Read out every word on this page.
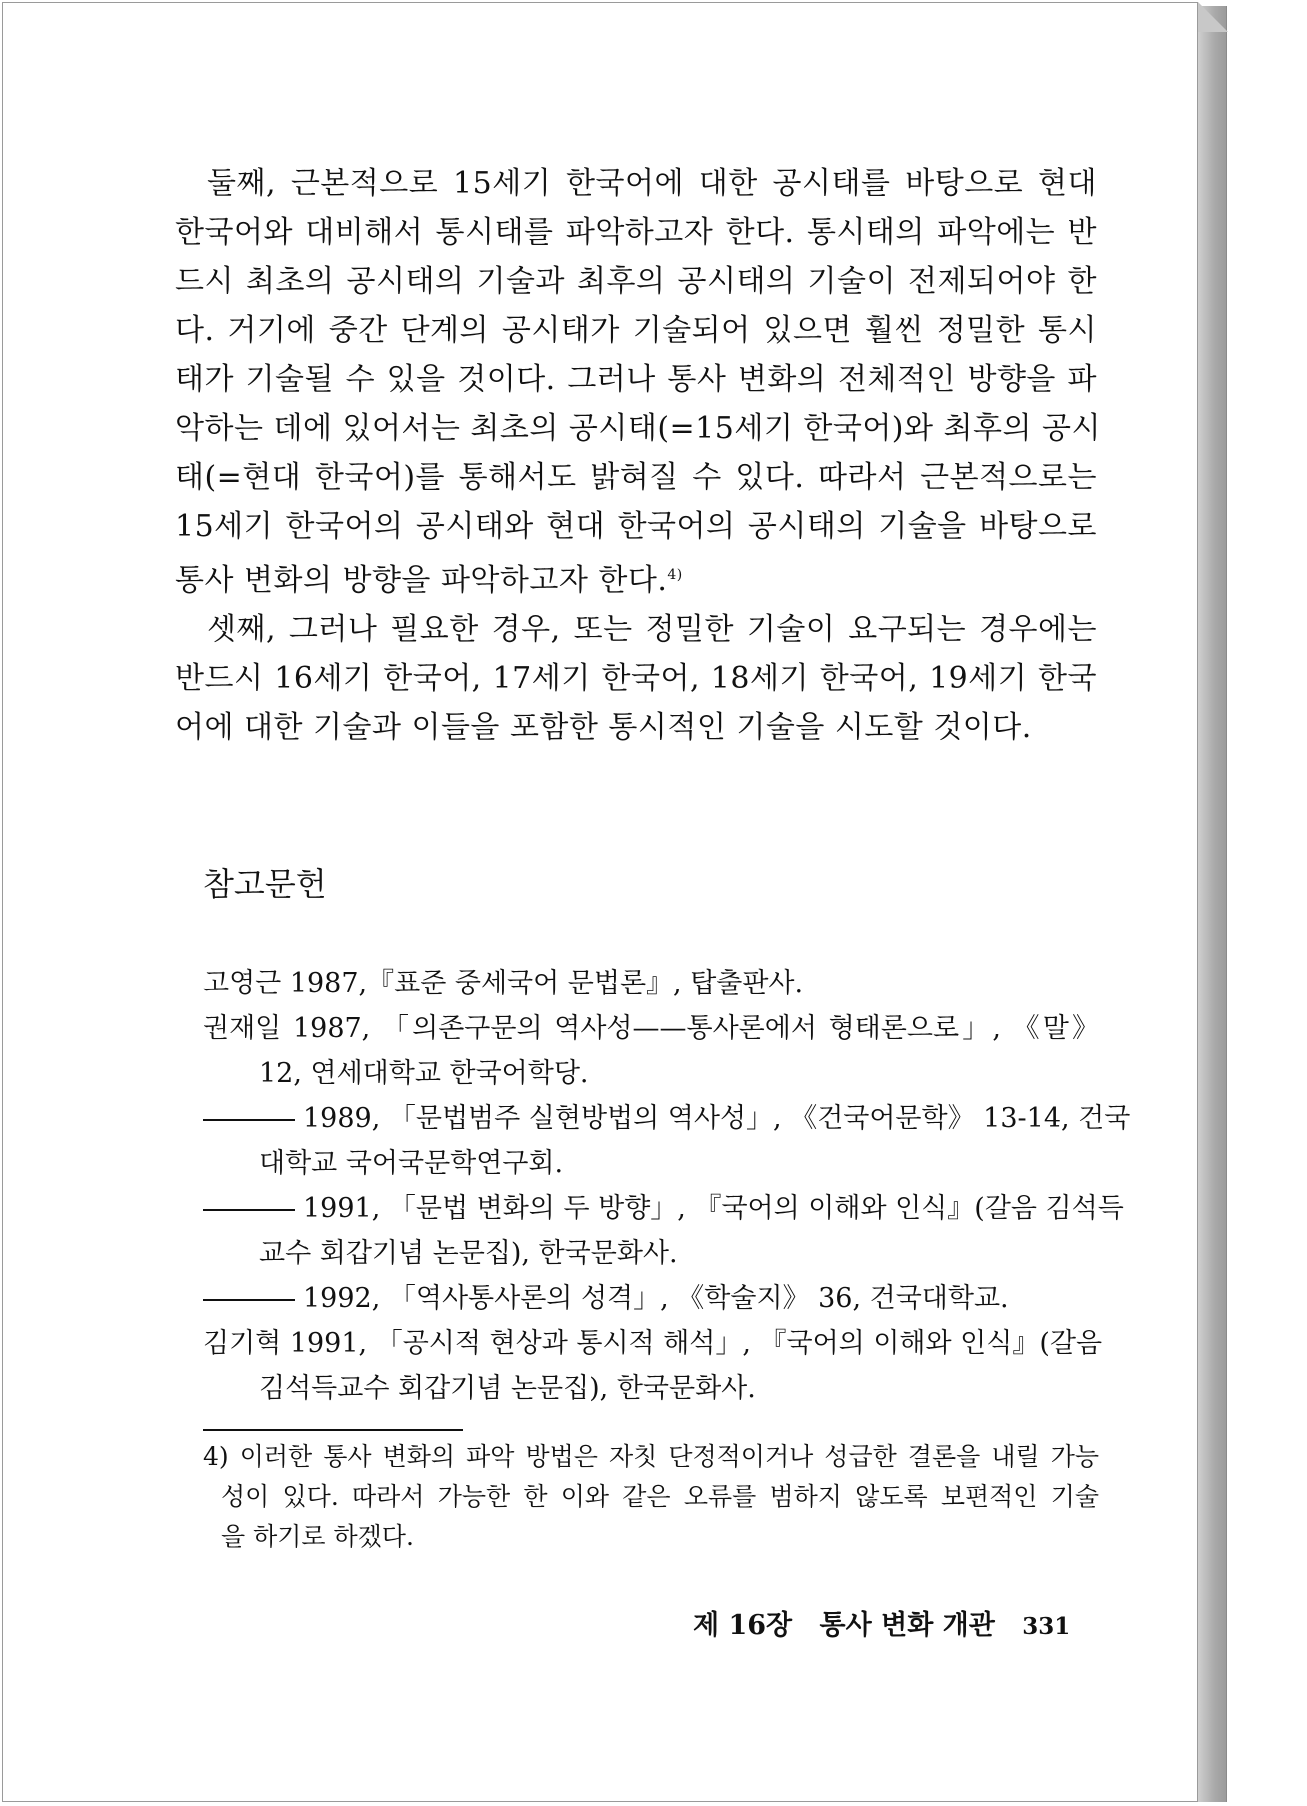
둘째, 근본적으로 15세기 한국어에 대한 공시태를 바탕으로 현대
한국어와 대비해서 통시태를 파악하고자 한다. 통시태의 파악에는 반
드시 최초의 공시태의 기술과 최후의 공시태의 기술이 전제되어야 한
다. 거기에 중간 단계의 공시태가 기술되어 있으면 훨씬 정밀한 통시
태가 기술될 수 있을 것이다. 그러나 통사 변화의 전체적인 방향을 파
악하는 데에 있어서는 최초의 공시태(=15세기 한국어)와 최후의 공시
태(=현대 한국어)를 통해서도 밝혀질 수 있다. 따라서 근본적으로는
15세기 한국어의 공시태와 현대 한국어의 공시태의 기술을 바탕으로
통사 변화의 방향을 파악하고자 한다.$^{4)}$

셋째, 그러나 필요한 경우, 또는 정밀한 기술이 요구되는 경우에는
반드시 16세기 한국어, 17세기 한국어, 18세기 한국어, 19세기 한국
어에 대한 기술과 이들을 포함한 통시적인 기술을 시도할 것이다.

참고문헌

고영근 1987,『표준 중세국어 문법론』, 탑출판사.

권재일 1987, 「의존구문의 역사성——통사론에서 형태론으로」, 《말》
12, 연세대학교 한국어학당.

1989, 「문법범주 실현방법의 역사성」, 《건국어문학》 13-14, 건국
대학교 국어국문학연구회.

1991, 「문법 변화의 두 방향」, 『국어의 이해와 인식』(갈음 김석득
교수 회갑기념 논문집), 한국문화사.

1992, 「역사통사론의 성격」, 《학술지》 36, 건국대학교.

김기혁 1991, 「공시적 현상과 통시적 해석」, 『국어의 이해와 인식』(갈음
김석득교수 회갑기념 논문집), 한국문화사.

4) 이러한 통사 변화의 파악 방법은 자칫 단정적이거나 성급한 결론을 내릴 가능
성이 있다. 따라서 가능한 한 이와 같은 오류를 범하지 않도록 보편적인 기술
을 하기로 하겠다.
제 16장 통사 변화 개관 331
